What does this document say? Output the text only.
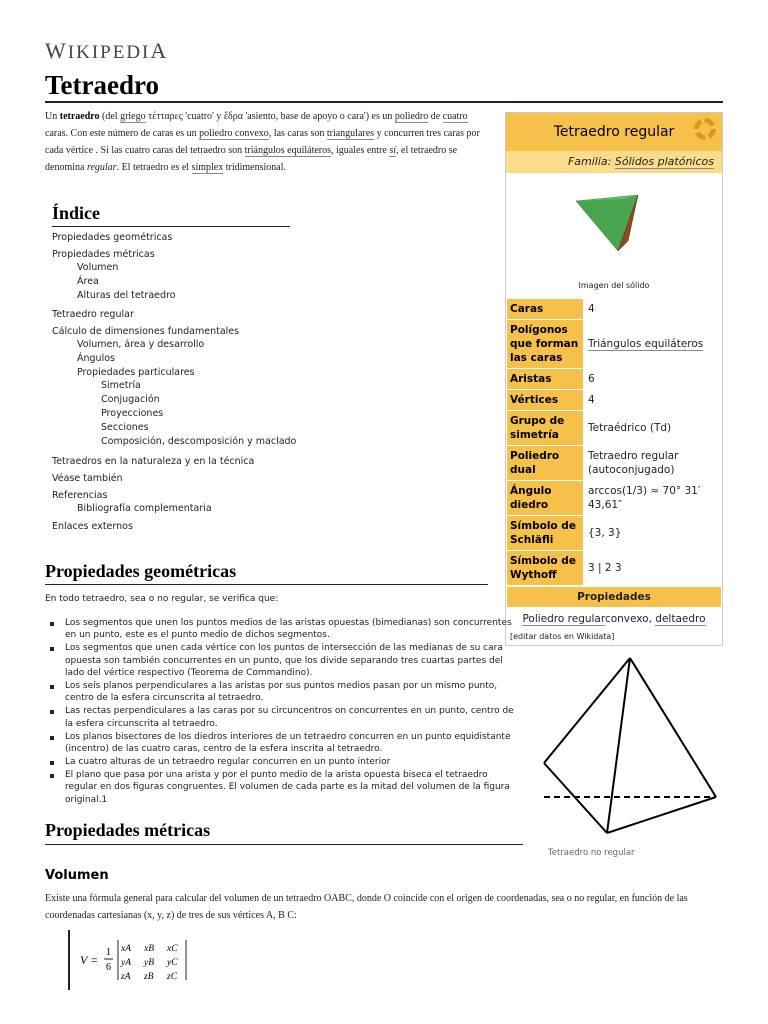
WIKIPEDIA
Tetraedro
Un tetraedro (del griego τέτταρες 'cuatro' y ἕδρα 'asiento, base de apoyo o cara') es un poliedro de cuatro caras. Con este número de caras es un poliedro convexo, las caras son triangulares y concurren tres caras por cada vértice . Si las cuatro caras del tetraedro son triángulos equiláteros, iguales entre sí, el tetraedro se denomina regular. El tetraedro es el símplex tridimensional.
Tetraedro regular
Familia: Sólidos platónicos
Imagen del sólido
Caras	4
Polígonos que forman las caras	Triángulos equiláteros
Aristas	6
Vértices	4
Grupo de simetría	Tetraédrico (Td)
Poliedro dual	Tetraedro regular (autoconjugado)
Ángulo diedro	arccos(1/3) ≈ 70° 31′ 43,61″
Símbolo de Schläfli	{3, 3}
Símbolo de Wythoff	3 | 2 3
Propiedades
Poliedro regularconvexo, deltaedro
[editar datos en Wikidata]
Índice
Propiedades geométricas
Propiedades métricas
Volumen
Área
Alturas del tetraedro
Tetraedro regular
Cálculo de dimensiones fundamentales
Volumen, área y desarrollo
Ángulos
Propiedades particulares
Simetría
Conjugación
Proyecciones
Secciones
Composición, descomposición y maclado
Tetraedros en la naturaleza y en la técnica
Véase también
Referencias
Bibliografía complementaria
Enlaces externos
Propiedades geométricas
En todo tetraedro, sea o no regular, se verifica que:
Los segmentos que unen los puntos medios de las aristas opuestas (bimedianas) son concurrentes en un punto, este es el punto medio de dichos segmentos.
Los segmentos que unen cada vértice con los puntos de intersección de las medianas de su cara opuesta son también concurrentes en un punto, que los divide separando tres cuartas partes del lado del vértice respectivo (Teorema de Commandino).
Los seis planos perpendiculares a las aristas por sus puntos medios pasan por un mismo punto, centro de la esfera circunscrita al tetraedro.
Las rectas perpendiculares a las caras por su circuncentros on concurrentes en un punto, centro de la esfera circunscrita al tetraedro.
Los planos bisectores de los diedros interiores de un tetraedro concurren en un punto equidistante (incentro) de las cuatro caras, centro de la esfera inscrita al tetraedro.
La cuatro alturas de un tetraedro regular concurren en un punto interior
El plano que pasa por una arista y por el punto medio de la arista opuesta biseca el tetraedro regular en dos figuras congruentes. El volumen de cada parte es la mitad del volumen de la figura original.1
Tetraedro no regular
Propiedades métricas
Volumen
Existe una fórmula general para calcular del volumen de un tetraedro OABC, donde O coincide con el origen de coordenadas, sea o no regular, en función de las coordenadas cartesianas (x, y, z) de tres de sus vértices A, B C:
V =
1
6
xA xB xC
yA yB yC
zA zB zC
